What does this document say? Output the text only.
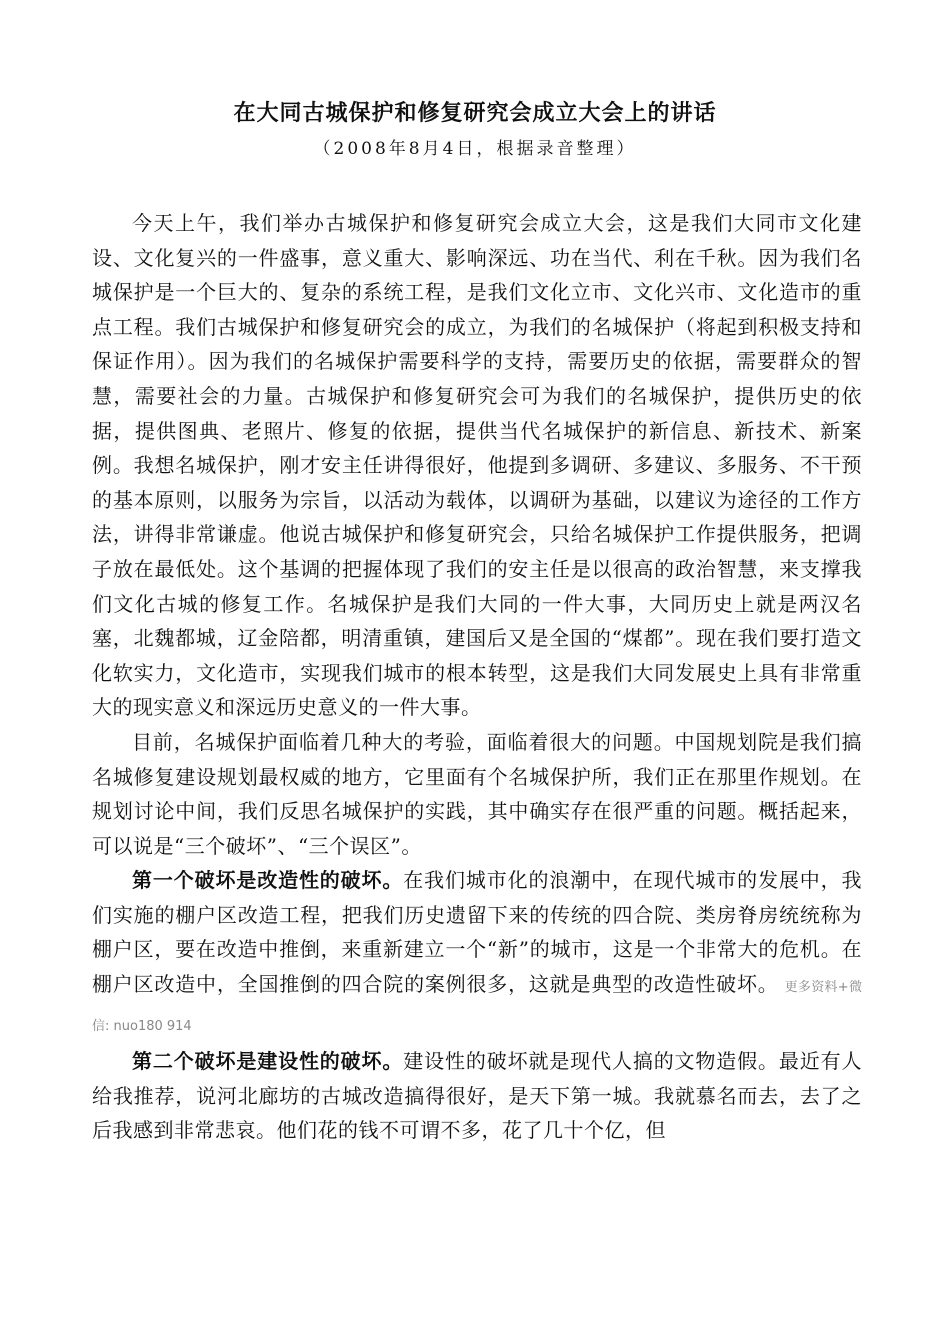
在大同古城保护和修复研究会成立大会上的讲话
（2008年8月4日，根据录音整理）

今天上午，我们举办古城保护和修复研究会成立大会，这是我们大同市文化建设、文化复兴的一件盛事，意义重大、影响深远、功在当代、利在千秋。因为我们名城保护是一个巨大的、复杂的系统工程，是我们文化立市、文化兴市、文化造市的重点工程。我们古城保护和修复研究会的成立，为我们的名城保护（将起到积极支持和保证作用）。因为我们的名城保护需要科学的支持，需要历史的依据，需要群众的智慧，需要社会的力量。古城保护和修复研究会可为我们的名城保护，提供历史的依据，提供图典、老照片、修复的依据，提供当代名城保护的新信息、新技术、新案例。我想名城保护，刚才安主任讲得很好，他提到多调研、多建议、多服务、不干预的基本原则，以服务为宗旨，以活动为载体，以调研为基础，以建议为途径的工作方法，讲得非常谦虚。他说古城保护和修复研究会，只给名城保护工作提供服务，把调子放在最低处。这个基调的把握体现了我们的安主任是以很高的政治智慧，来支撑我们文化古城的修复工作。名城保护是我们大同的一件大事，大同历史上就是两汉名塞，北魏都城，辽金陪都，明清重镇，建国后又是全国的“煤都”。现在我们要打造文化软实力，文化造市，实现我们城市的根本转型，这是我们大同发展史上具有非常重大的现实意义和深远历史意义的一件大事。

目前，名城保护面临着几种大的考验，面临着很大的问题。中国规划院是我们搞名城修复建设规划最权威的地方，它里面有个名城保护所，我们正在那里作规划。在规划讨论中间，我们反思名城保护的实践，其中确实存在很严重的问题。概括起来，可以说是“三个破坏”、“三个误区”。

第一个破坏是改造性的破坏。在我们城市化的浪潮中，在现代城市的发展中，我们实施的棚户区改造工程，把我们历史遗留下来的传统的四合院、类房脊房统统称为棚户区，要在改造中推倒，来重新建立一个“新”的城市，这是一个非常大的危机。在棚户区改造中，全国推倒的四合院的案例很多，这就是典型的改造性破坏。 更多资料+微信: nuo180 914

第二个破坏是建设性的破坏。建设性的破坏就是现代人搞的文物造假。最近有人给我推荐，说河北廊坊的古城改造搞得很好，是天下第一城。我就慕名而去，去了之后我感到非常悲哀。他们花的钱不可谓不多，花了几十个亿，但
